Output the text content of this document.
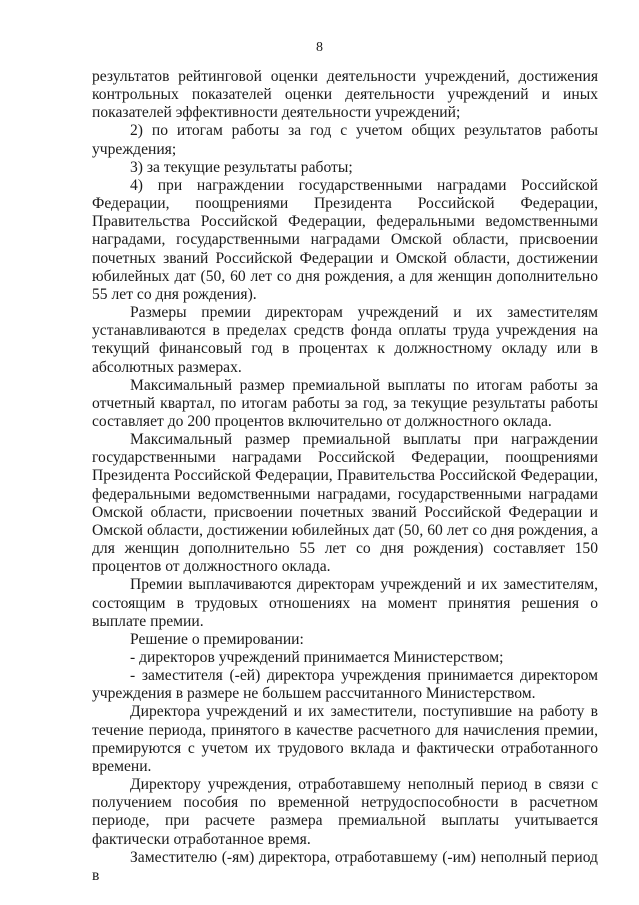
8

результатов рейтинговой оценки деятельности учреждений, достижения контрольных показателей оценки деятельности учреждений и иных показателей эффективности деятельности учреждений;

2) по итогам работы за год с учетом общих результатов работы учреждения;

3) за текущие результаты работы;

4) при награждении государственными наградами Российской Федерации, поощрениями Президента Российской Федерации, Правительства Российской Федерации, федеральными ведомственными наградами, государственными наградами Омской области, присвоении почетных званий Российской Федерации и Омской области, достижении юбилейных дат (50, 60 лет со дня рождения, а для женщин дополнительно 55 лет со дня рождения).

Размеры премии директорам учреждений и их заместителям устанавливаются в пределах средств фонда оплаты труда учреждения на текущий финансовый год в процентах к должностному окладу или в абсолютных размерах.

Максимальный размер премиальной выплаты по итогам работы за отчетный квартал, по итогам работы за год, за текущие результаты работы составляет до 200 процентов включительно от должностного оклада.

Максимальный размер премиальной выплаты при награждении государственными наградами Российской Федерации, поощрениями Президента Российской Федерации, Правительства Российской Федерации, федеральными ведомственными наградами, государственными наградами Омской области, присвоении почетных званий Российской Федерации и Омской области, достижении юбилейных дат (50, 60 лет со дня рождения, а для женщин дополнительно 55 лет со дня рождения) составляет 150 процентов от должностного оклада.

Премии выплачиваются директорам учреждений и их заместителям, состоящим в трудовых отношениях на момент принятия решения о выплате премии.

Решение о премировании:

- директоров учреждений принимается Министерством;

- заместителя (-ей) директора учреждения принимается директором учреждения в размере не большем рассчитанного Министерством.

Директора учреждений и их заместители, поступившие на работу в течение периода, принятого в качестве расчетного для начисления премии, премируются с учетом их трудового вклада и фактически отработанного времени.

Директору учреждения, отработавшему неполный период в связи с получением пособия по временной нетрудоспособности в расчетном периоде, при расчете размера премиальной выплаты учитывается фактически отработанное время.

Заместителю (-ям) директора, отработавшему (-им) неполный период в
